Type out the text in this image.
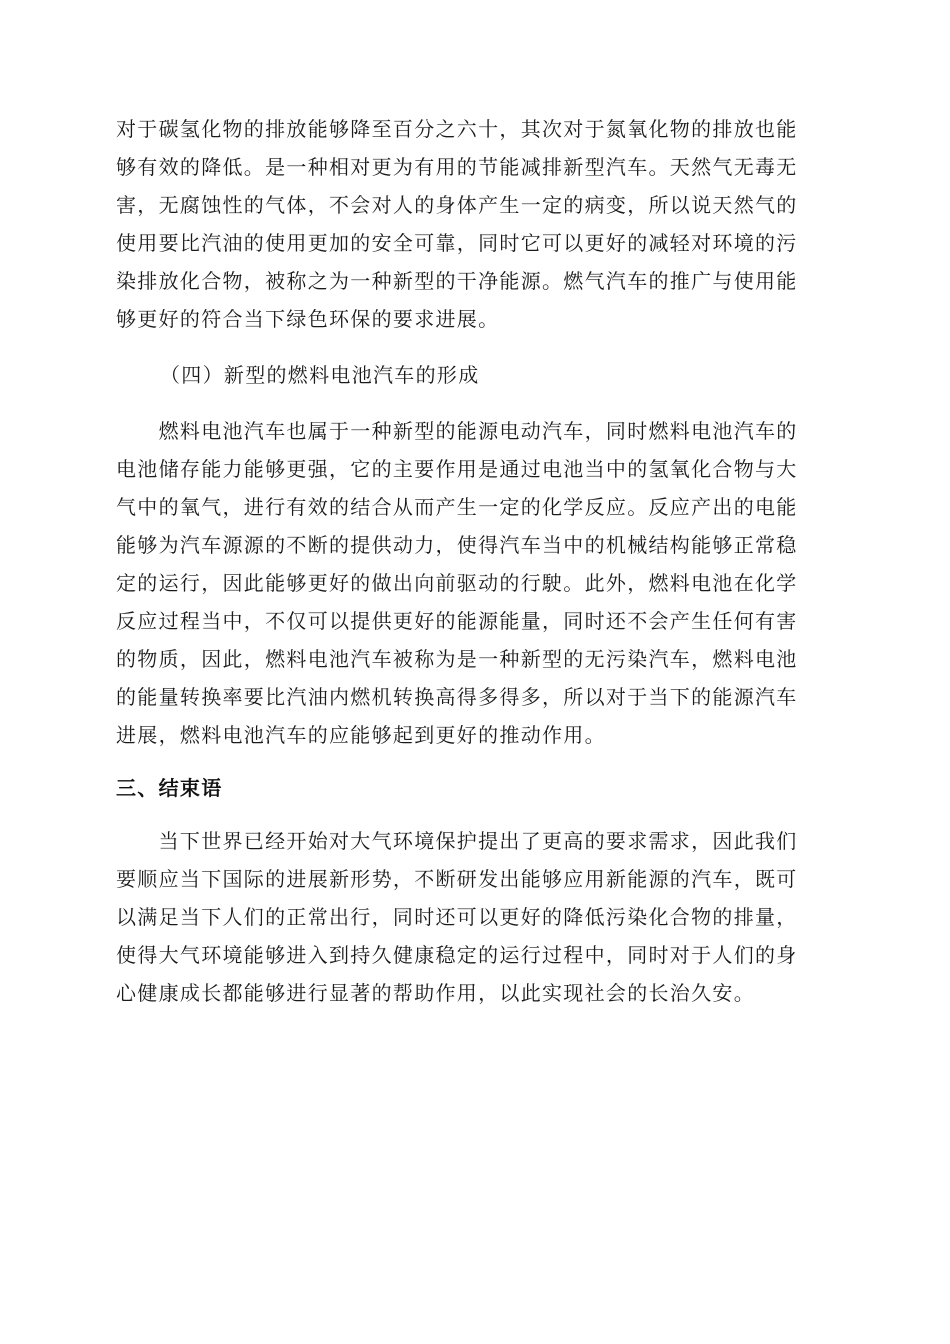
对于碳氢化物的排放能够降至百分之六十，其次对于氮氧化物的排放也能
够有效的降低。是一种相对更为有用的节能减排新型汽车。天然气无毒无
害，无腐蚀性的气体，不会对人的身体产生一定的病变，所以说天然气的
使用要比汽油的使用更加的安全可靠，同时它可以更好的减轻对环境的污
染排放化合物，被称之为一种新型的干净能源。燃气汽车的推广与使用能
够更好的符合当下绿色环保的要求进展。

（四）新型的燃料电池汽车的形成

　　燃料电池汽车也属于一种新型的能源电动汽车，同时燃料电池汽车的
电池储存能力能够更强，它的主要作用是通过电池当中的氢氧化合物与大
气中的氧气，进行有效的结合从而产生一定的化学反应。反应产出的电能
能够为汽车源源的不断的提供动力，使得汽车当中的机械结构能够正常稳
定的运行，因此能够更好的做出向前驱动的行駛。此外，燃料电池在化学
反应过程当中，不仅可以提供更好的能源能量，同时还不会产生任何有害
的物质，因此，燃料电池汽车被称为是一种新型的无污染汽车，燃料电池
的能量转换率要比汽油内燃机转换高得多得多，所以对于当下的能源汽车
进展，燃料电池汽车的应能够起到更好的推动作用。

三、结束语

　　当下世界已经开始对大气环境保护提出了更高的要求需求，因此我们
要顺应当下国际的进展新形势，不断研发出能够应用新能源的汽车，既可
以满足当下人们的正常出行，同时还可以更好的降低污染化合物的排量，
使得大气环境能够进入到持久健康稳定的运行过程中，同时对于人们的身
心健康成长都能够进行显著的帮助作用，以此实现社会的长治久安。
